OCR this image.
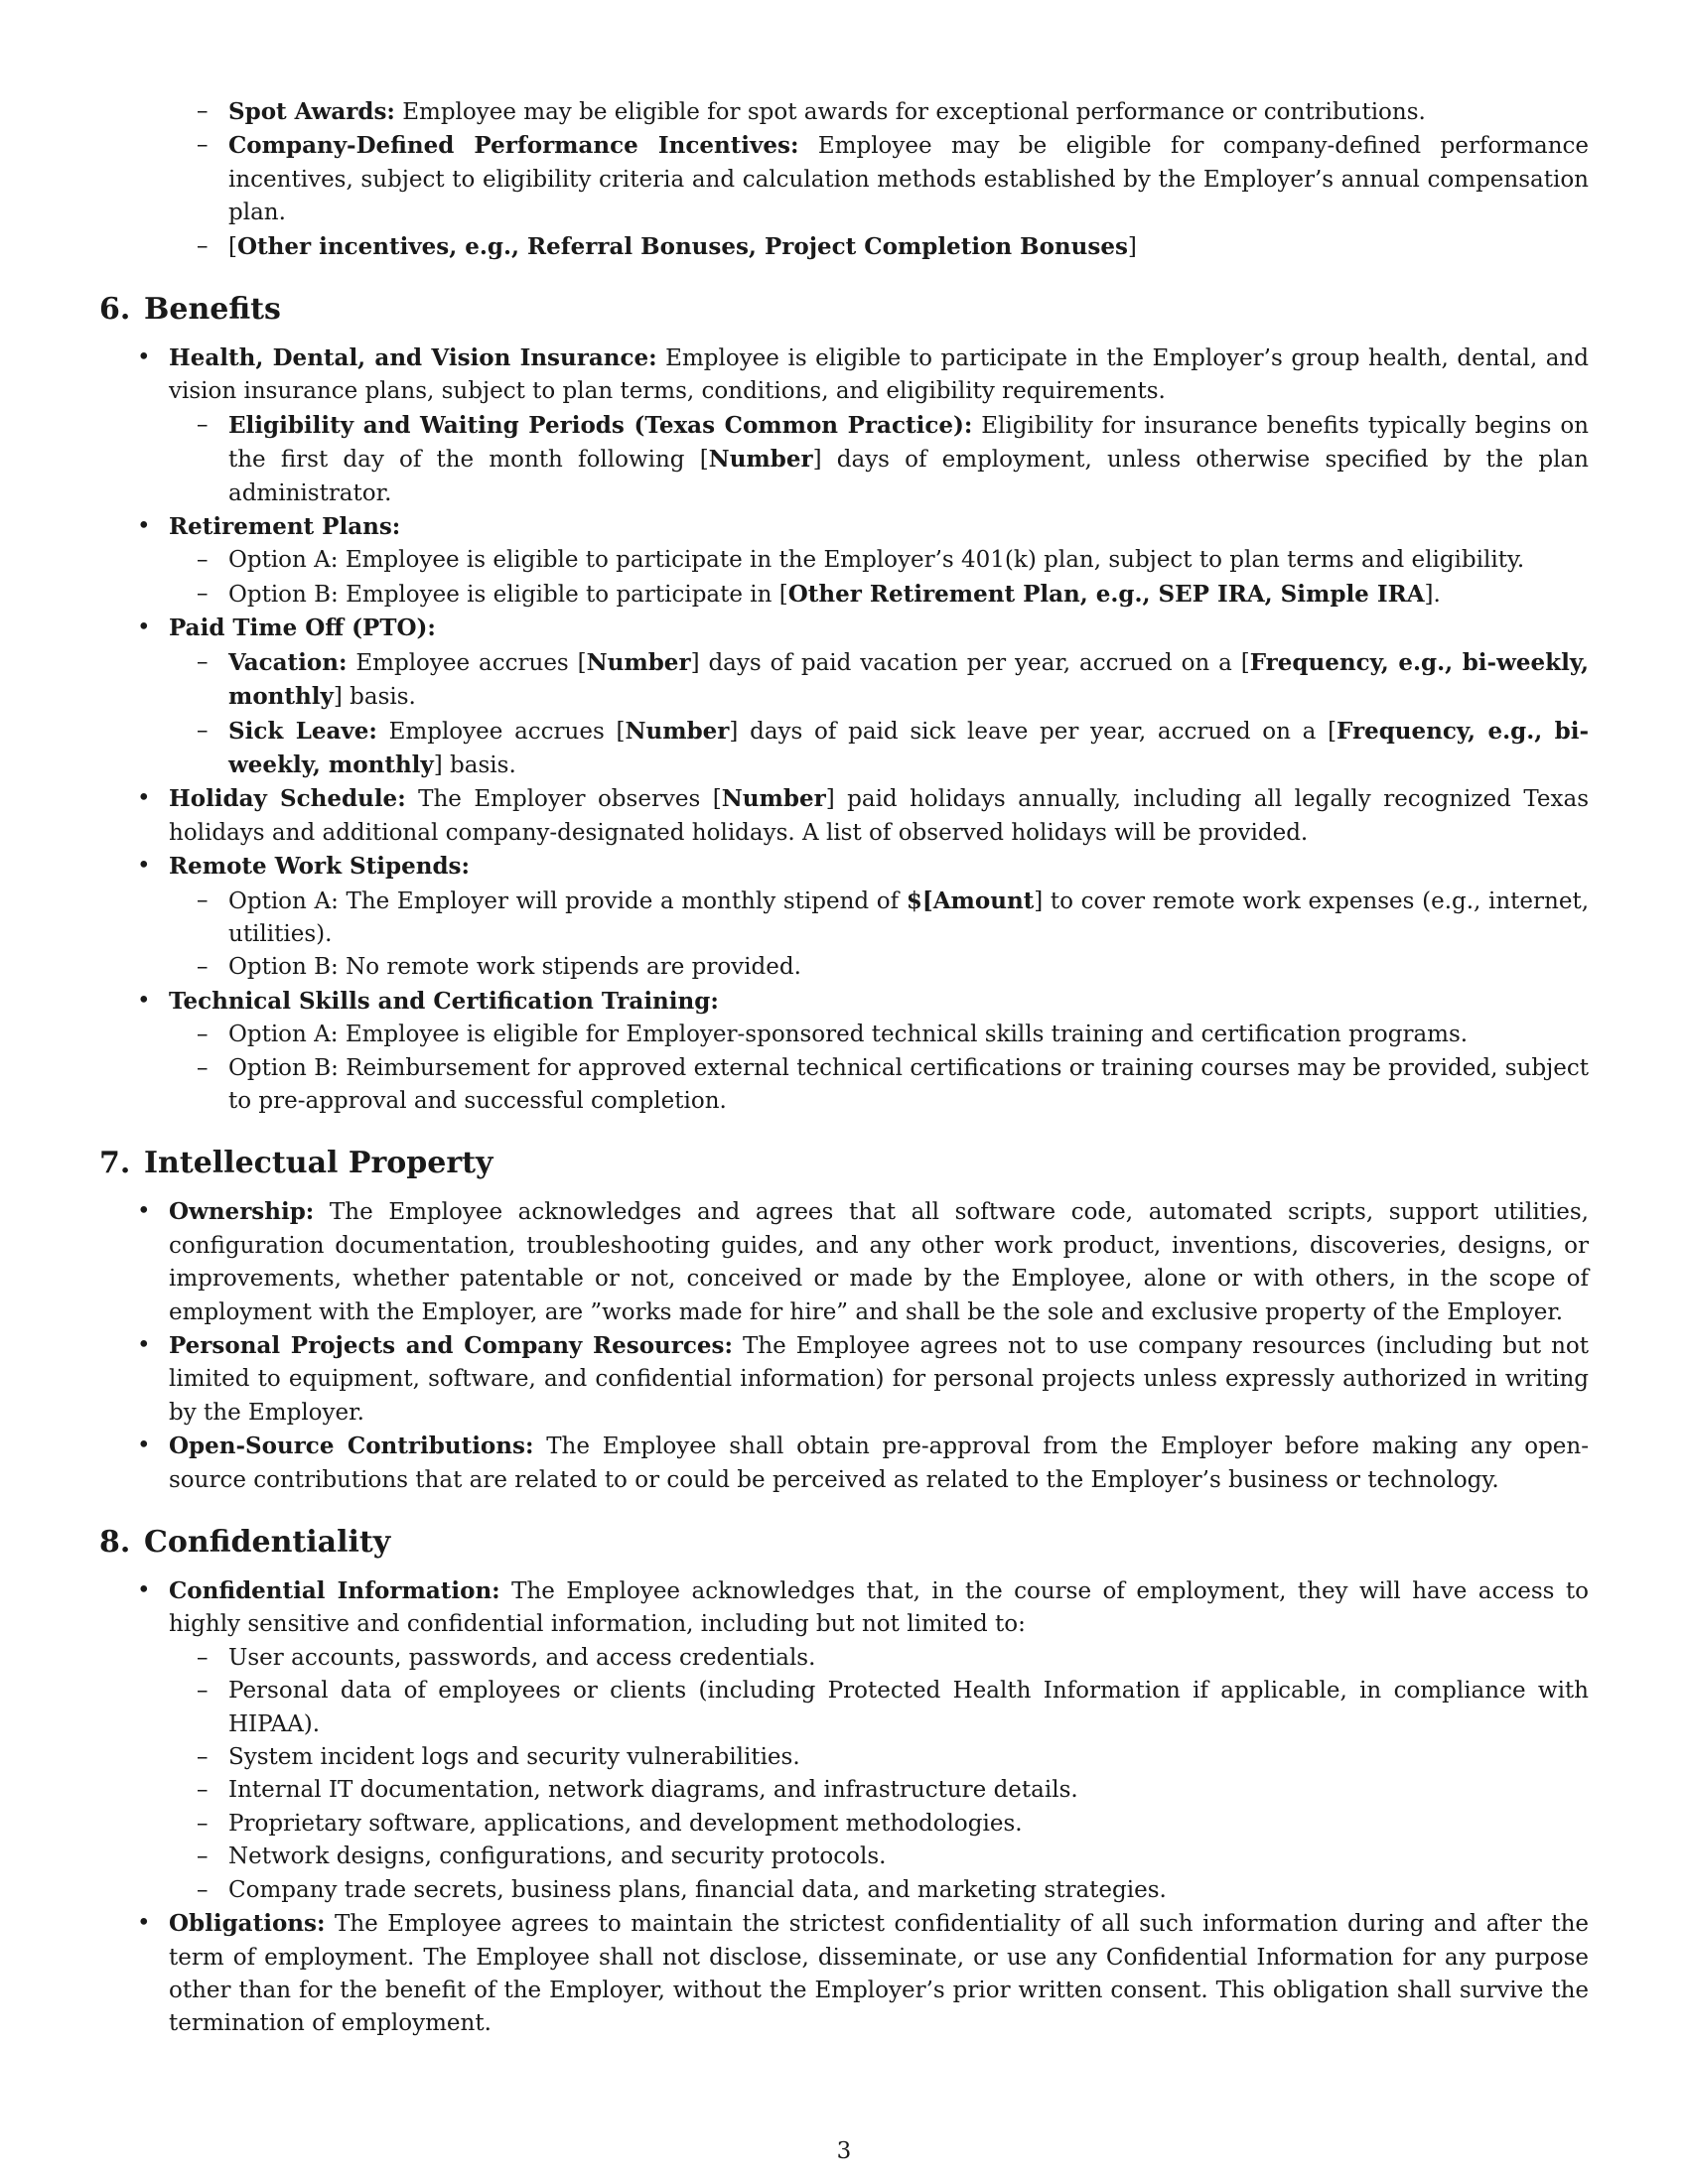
– Spot Awards: Employee may be eligible for spot awards for exceptional performance or contributions.
– Company-Defined Performance Incentives: Employee may be eligible for company-defined performance incentives, subject to eligibility criteria and calculation methods established by the Employer’s annual compensation plan.
– [Other incentives, e.g., Referral Bonuses, Project Completion Bonuses]
6. Benefits
• Health, Dental, and Vision Insurance: Employee is eligible to participate in the Employer’s group health, dental, and vision insurance plans, subject to plan terms, conditions, and eligibility requirements.
– Eligibility and Waiting Periods (Texas Common Practice): Eligibility for insurance benefits typically begins on the first day of the month following [Number] days of employment, unless otherwise specified by the plan administrator.
• Retirement Plans:
– Option A: Employee is eligible to participate in the Employer’s 401(k) plan, subject to plan terms and eligibility.
– Option B: Employee is eligible to participate in [Other Retirement Plan, e.g., SEP IRA, Simple IRA].
• Paid Time Off (PTO):
– Vacation: Employee accrues [Number] days of paid vacation per year, accrued on a [Frequency, e.g., bi-weekly, monthly] basis.
– Sick Leave: Employee accrues [Number] days of paid sick leave per year, accrued on a [Frequency, e.g., bi-weekly, monthly] basis.
• Holiday Schedule: The Employer observes [Number] paid holidays annually, including all legally recognized Texas holidays and additional company-designated holidays. A list of observed holidays will be provided.
• Remote Work Stipends:
– Option A: The Employer will provide a monthly stipend of $[Amount] to cover remote work expenses (e.g., internet, utilities).
– Option B: No remote work stipends are provided.
• Technical Skills and Certification Training:
– Option A: Employee is eligible for Employer-sponsored technical skills training and certification programs.
– Option B: Reimbursement for approved external technical certifications or training courses may be provided, subject to pre-approval and successful completion.
7. Intellectual Property
• Ownership: The Employee acknowledges and agrees that all software code, automated scripts, support utilities, configuration documentation, troubleshooting guides, and any other work product, inventions, discoveries, designs, or improvements, whether patentable or not, conceived or made by the Employee, alone or with others, in the scope of employment with the Employer, are ”works made for hire” and shall be the sole and exclusive property of the Employer.
• Personal Projects and Company Resources: The Employee agrees not to use company resources (including but not limited to equipment, software, and confidential information) for personal projects unless expressly authorized in writing by the Employer.
• Open-Source Contributions: The Employee shall obtain pre-approval from the Employer before making any open-source contributions that are related to or could be perceived as related to the Employer’s business or technology.
8. Confidentiality
• Confidential Information: The Employee acknowledges that, in the course of employment, they will have access to highly sensitive and confidential information, including but not limited to:
– User accounts, passwords, and access credentials.
– Personal data of employees or clients (including Protected Health Information if applicable, in compliance with HIPAA).
– System incident logs and security vulnerabilities.
– Internal IT documentation, network diagrams, and infrastructure details.
– Proprietary software, applications, and development methodologies.
– Network designs, configurations, and security protocols.
– Company trade secrets, business plans, financial data, and marketing strategies.
• Obligations: The Employee agrees to maintain the strictest confidentiality of all such information during and after the term of employment. The Employee shall not disclose, disseminate, or use any Confidential Information for any purpose other than for the benefit of the Employer, without the Employer’s prior written consent. This obligation shall survive the termination of employment.
3
